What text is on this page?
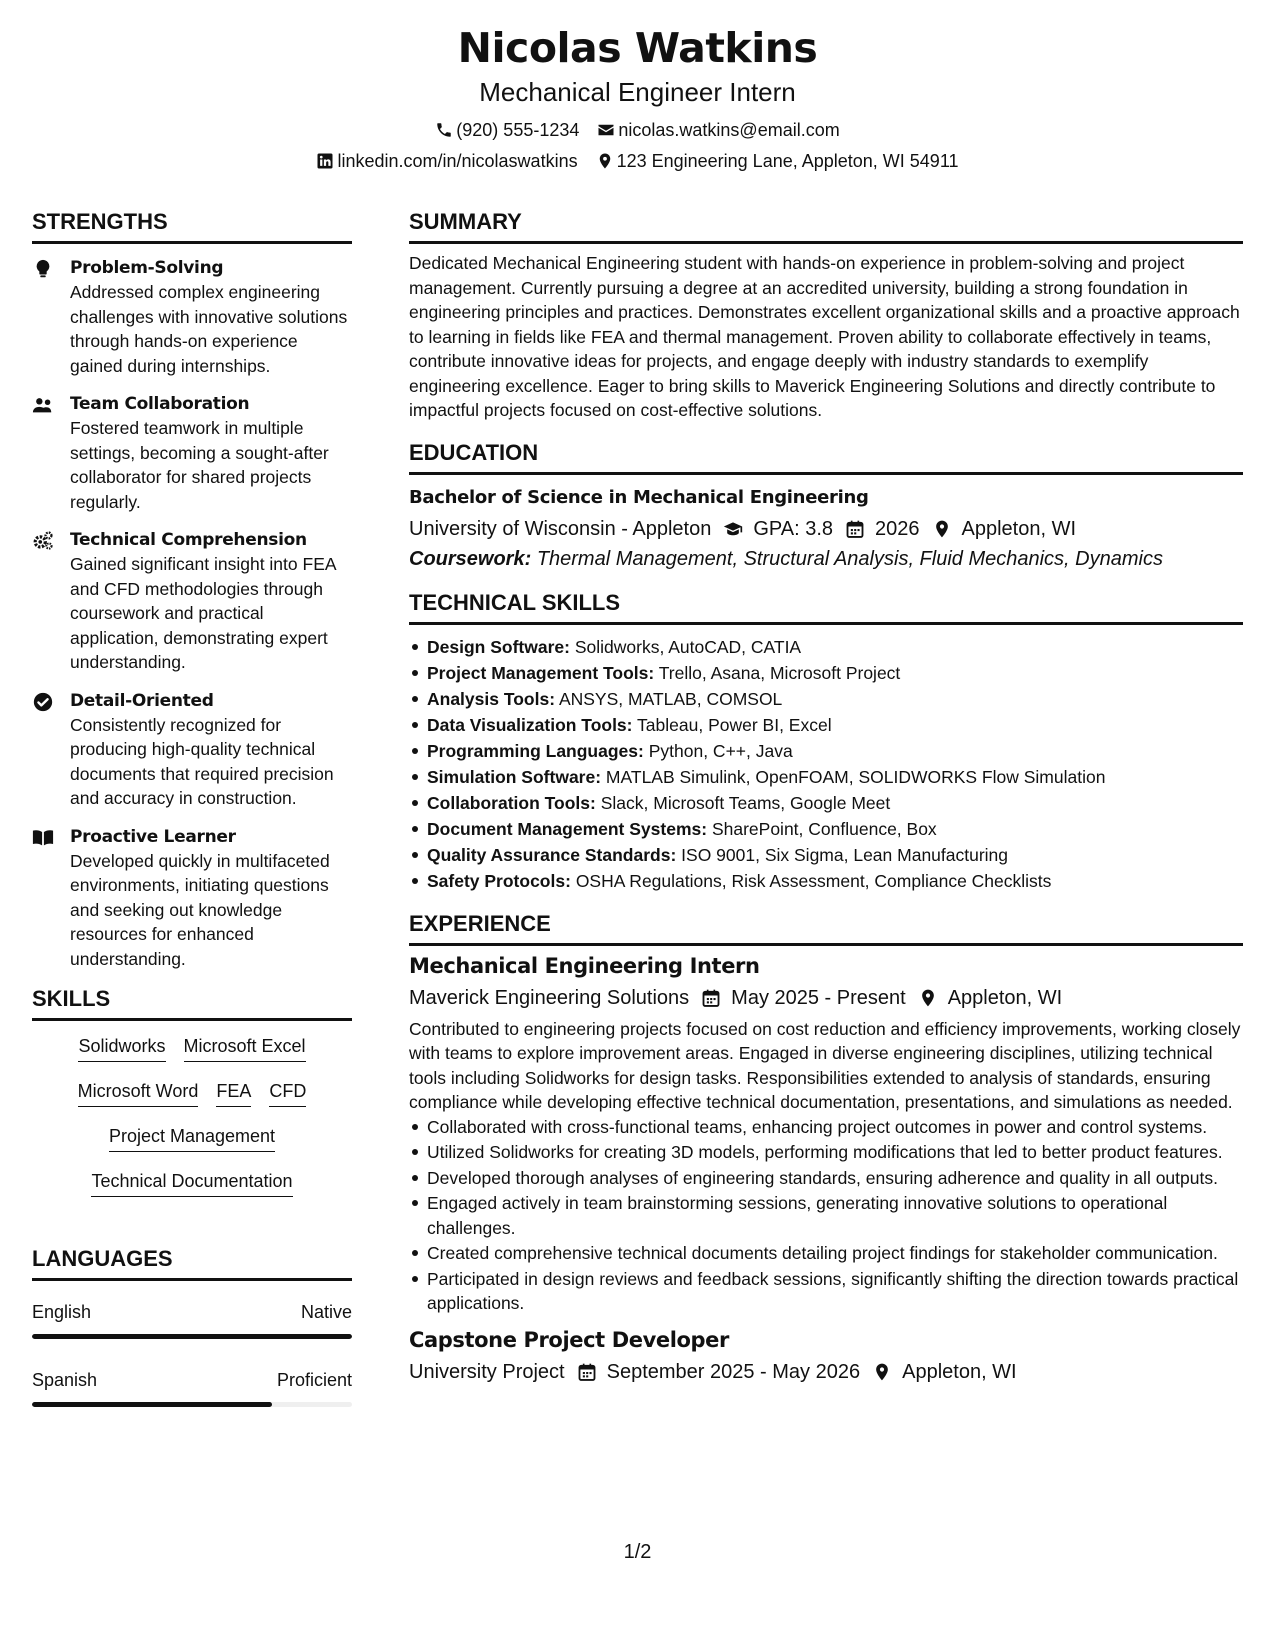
Nicolas Watkins
Mechanical Engineer Intern
(920) 555-1234 nicolas.watkins@email.com
linkedin.com/in/nicolaswatkins 123 Engineering Lane, Appleton, WI 54911
STRENGTHS
Problem-Solving
Addressed complex engineering challenges with innovative solutions through hands-on experience gained during internships.
Team Collaboration
Fostered teamwork in multiple settings, becoming a sought-after collaborator for shared projects regularly.
Technical Comprehension
Gained significant insight into FEA and CFD methodologies through coursework and practical application, demonstrating expert understanding.
Detail-Oriented
Consistently recognized for producing high-quality technical documents that required precision and accuracy in construction.
Proactive Learner
Developed quickly in multifaceted environments, initiating questions and seeking out knowledge resources for enhanced understanding.
SKILLS
Solidworks Microsoft Excel
Microsoft Word FEA CFD
Project Management
Technical Documentation
LANGUAGES
English	Native
Spanish	Proficient
SUMMARY
Dedicated Mechanical Engineering student with hands-on experience in problem-solving and project management. Currently pursuing a degree at an accredited university, building a strong foundation in engineering principles and practices. Demonstrates excellent organizational skills and a proactive approach to learning in fields like FEA and thermal management. Proven ability to collaborate effectively in teams, contribute innovative ideas for projects, and engage deeply with industry standards to exemplify engineering excellence. Eager to bring skills to Maverick Engineering Solutions and directly contribute to impactful projects focused on cost-effective solutions.
EDUCATION
Bachelor of Science in Mechanical Engineering
University of Wisconsin - Appleton GPA: 3.8 2026 Appleton, WI
Coursework: Thermal Management, Structural Analysis, Fluid Mechanics, Dynamics
TECHNICAL SKILLS
Design Software: Solidworks, AutoCAD, CATIA
Project Management Tools: Trello, Asana, Microsoft Project
Analysis Tools: ANSYS, MATLAB, COMSOL
Data Visualization Tools: Tableau, Power BI, Excel
Programming Languages: Python, C++, Java
Simulation Software: MATLAB Simulink, OpenFOAM, SOLIDWORKS Flow Simulation
Collaboration Tools: Slack, Microsoft Teams, Google Meet
Document Management Systems: SharePoint, Confluence, Box
Quality Assurance Standards: ISO 9001, Six Sigma, Lean Manufacturing
Safety Protocols: OSHA Regulations, Risk Assessment, Compliance Checklists
EXPERIENCE
Mechanical Engineering Intern
Maverick Engineering Solutions May 2025 - Present Appleton, WI
Contributed to engineering projects focused on cost reduction and efficiency improvements, working closely with teams to explore improvement areas. Engaged in diverse engineering disciplines, utilizing technical tools including Solidworks for design tasks. Responsibilities extended to analysis of standards, ensuring compliance while developing effective technical documentation, presentations, and simulations as needed.
Collaborated with cross-functional teams, enhancing project outcomes in power and control systems.
Utilized Solidworks for creating 3D models, performing modifications that led to better product features.
Developed thorough analyses of engineering standards, ensuring adherence and quality in all outputs.
Engaged actively in team brainstorming sessions, generating innovative solutions to operational challenges.
Created comprehensive technical documents detailing project findings for stakeholder communication.
Participated in design reviews and feedback sessions, significantly shifting the direction towards practical applications.
Capstone Project Developer
University Project September 2025 - May 2026 Appleton, WI
1/2
